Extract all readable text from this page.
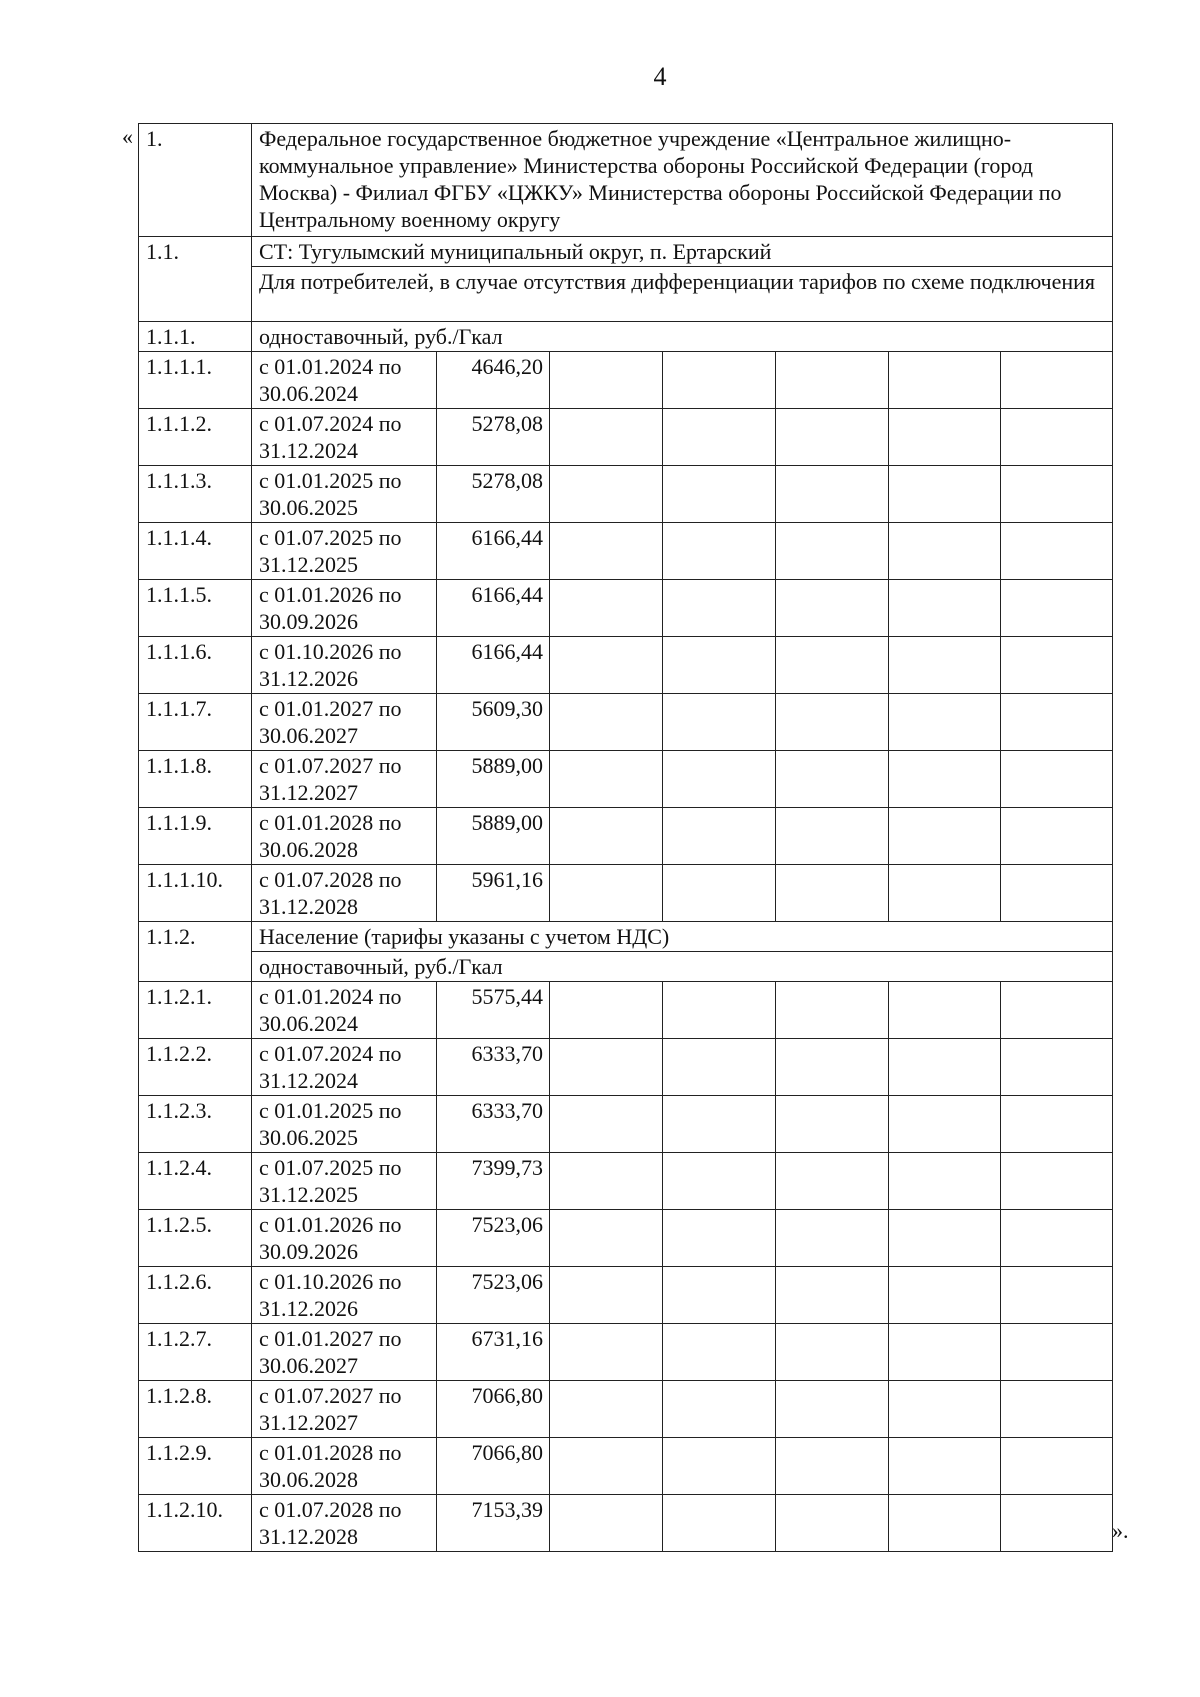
4
«
».
1.	Федеральное государственное бюджетное учреждение «Центральное жилищно-коммунальное управление» Министерства обороны Российской Федерации (город Москва) - Филиал ФГБУ «ЦЖКУ» Министерства обороны Российской Федерации по Центральному военному округу						
1.1.	СТ: Тугулымский муниципальный округ, п. Ертарский						
	Для потребителей, в случае отсутствия дифференциации тарифов по схеме подключения						
1.1.1.	одноставочный, руб./Гкал						
1.1.1.1.	с 01.01.2024 по 30.06.2024	4646,20					
1.1.1.2.	с 01.07.2024 по 31.12.2024	5278,08					
1.1.1.3.	с 01.01.2025 по 30.06.2025	5278,08					
1.1.1.4.	с 01.07.2025 по 31.12.2025	6166,44					
1.1.1.5.	с 01.01.2026 по 30.09.2026	6166,44					
1.1.1.6.	с 01.10.2026 по 31.12.2026	6166,44					
1.1.1.7.	с 01.01.2027 по 30.06.2027	5609,30					
1.1.1.8.	с 01.07.2027 по 31.12.2027	5889,00					
1.1.1.9.	с 01.01.2028 по 30.06.2028	5889,00					
1.1.1.10.	с 01.07.2028 по 31.12.2028	5961,16					
1.1.2.	Население (тарифы указаны с учетом НДС)						
	одноставочный, руб./Гкал						
1.1.2.1.	с 01.01.2024 по 30.06.2024	5575,44					
1.1.2.2.	с 01.07.2024 по 31.12.2024	6333,70					
1.1.2.3.	с 01.01.2025 по 30.06.2025	6333,70					
1.1.2.4.	с 01.07.2025 по 31.12.2025	7399,73					
1.1.2.5.	с 01.01.2026 по 30.09.2026	7523,06					
1.1.2.6.	с 01.10.2026 по 31.12.2026	7523,06					
1.1.2.7.	с 01.01.2027 по 30.06.2027	6731,16					
1.1.2.8.	с 01.07.2027 по 31.12.2027	7066,80					
1.1.2.9.	с 01.01.2028 по 30.06.2028	7066,80					
1.1.2.10.	с 01.07.2028 по 31.12.2028	7153,39					
